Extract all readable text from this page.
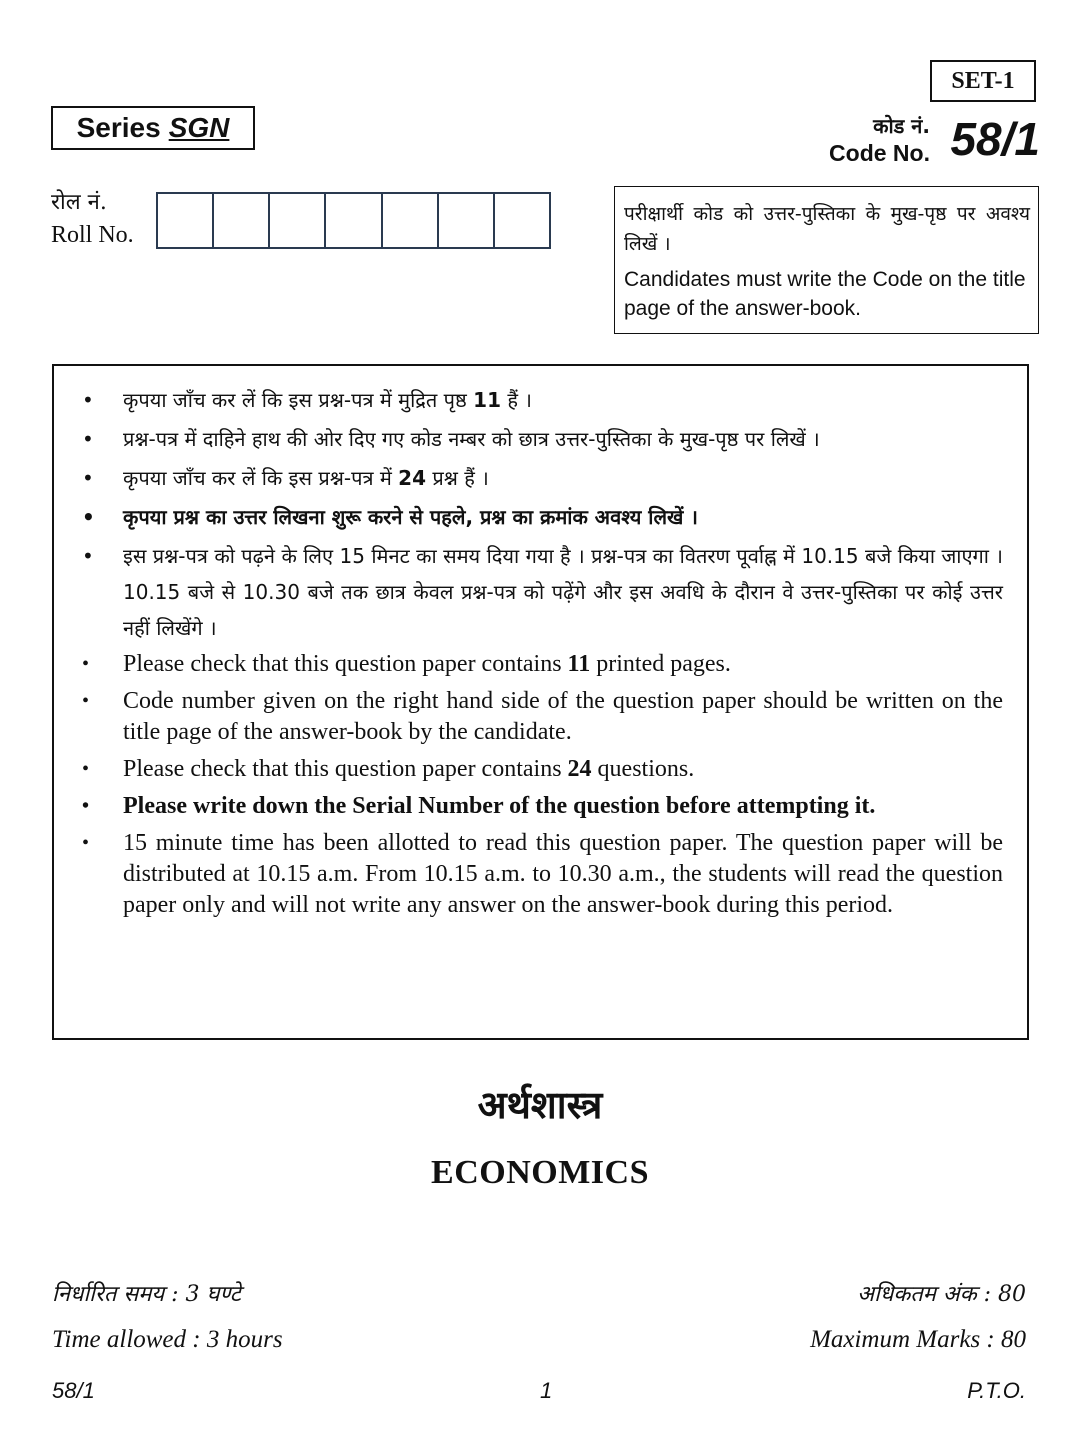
SET-1
Series SGN	कोड नं.
Code No. 58/1
रोल नं.
Roll No.
परीक्षार्थी कोड को उत्तर-पुस्तिका के मुख-पृष्ठ पर अवश्य लिखें ।
Candidates must write the Code on the title page of the answer-book.
• कृपया जाँच कर लें कि इस प्रश्न-पत्र में मुद्रित पृष्ठ 11 हैं ।
• प्रश्न-पत्र में दाहिने हाथ की ओर दिए गए कोड नम्बर को छात्र उत्तर-पुस्तिका के मुख-पृष्ठ पर लिखें ।
• कृपया जाँच कर लें कि इस प्रश्न-पत्र में 24 प्रश्न हैं ।
• कृपया प्रश्न का उत्तर लिखना शुरू करने से पहले, प्रश्न का क्रमांक अवश्य लिखें ।
• इस प्रश्न-पत्र को पढ़ने के लिए 15 मिनट का समय दिया गया है । प्रश्न-पत्र का वितरण पूर्वाह्न में 10.15 बजे किया जाएगा । 10.15 बजे से 10.30 बजे तक छात्र केवल प्रश्न-पत्र को पढ़ेंगे और इस अवधि के दौरान वे उत्तर-पुस्तिका पर कोई उत्तर नहीं लिखेंगे ।
• Please check that this question paper contains 11 printed pages.
• Code number given on the right hand side of the question paper should be written on the title page of the answer-book by the candidate.
• Please check that this question paper contains 24 questions.
• Please write down the Serial Number of the question before attempting it.
• 15 minute time has been allotted to read this question paper. The question paper will be distributed at 10.15 a.m. From 10.15 a.m. to 10.30 a.m., the students will read the question paper only and will not write any answer on the answer-book during this period.
अर्थशास्त्र
ECONOMICS
निर्धारित समय : 3 घण्टे
Time allowed : 3 hours
अधिकतम अंक : 80
Maximum Marks : 80
58/1	1	P.T.O.
